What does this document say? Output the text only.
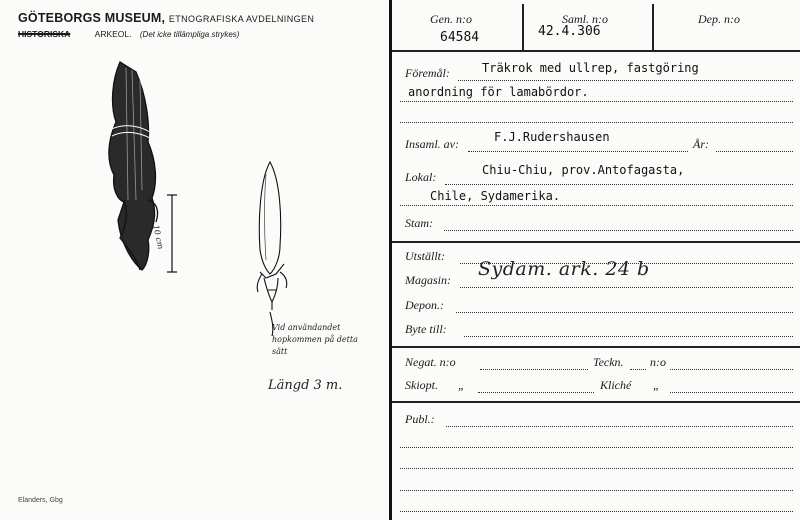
GÖTEBORGS MUSEUM, ETNOGRAFISKA AVDELNINGEN
HISTORISKA	ARKEOL. (Det icke tillämpliga strykes)
10 cm
Vid användandet hopkommen på detta sätt
Längd 3 m.
Elanders, Gbg
Gen. n:o
64584
Saml. n:o
42.4.306
Dep. n:o
Föremål:	Träkrok med ullrep, fastgöring
anordning för lamabördor.
Insaml. av:	F.J.Rudershausen	År:
Lokal:	Chiu-Chiu, prov.Antofagasta,
Chile, Sydamerika.
Stam:
Utställt:
Magasin: Sydam. ark. 24 b
Depon.:
Byte till:
Negat. n:o	Teckn. n:o
Skiopt. „	Kliché „
Publ.:
